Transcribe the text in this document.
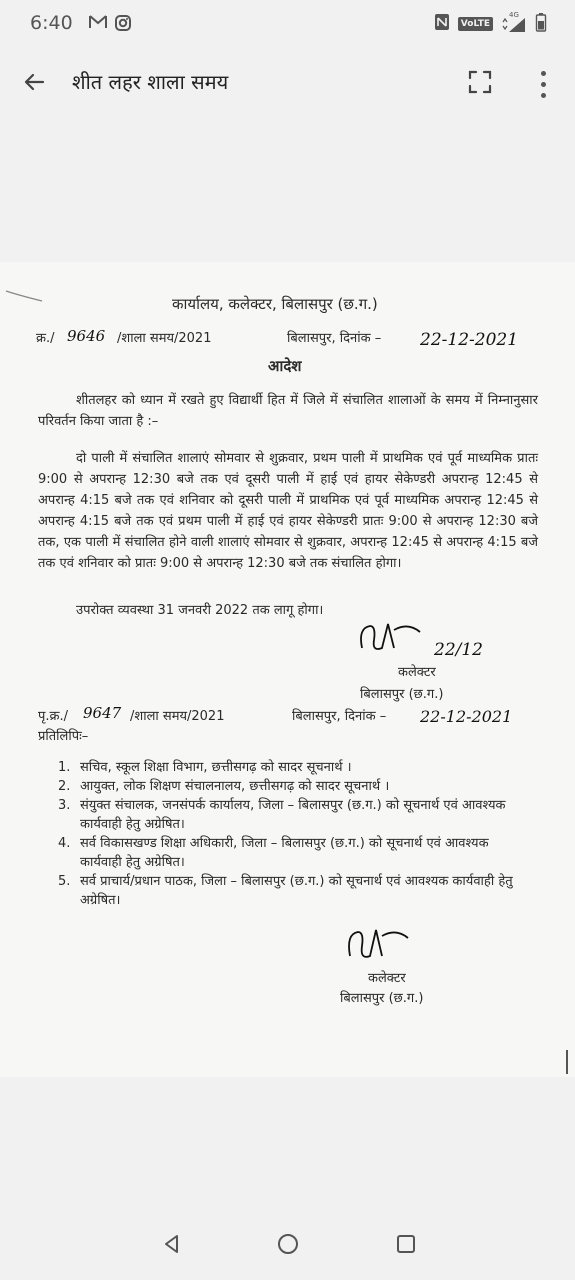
6:40	VoLTE
4G
शीत लहर शाला समय
कार्यालय, कलेक्टर, बिलासपुर (छ.ग.)
क्र./ 9646 /शाला समय/2021	बिलासपुर, दिनांक – 22-12-2021
आदेश

शीतलहर को ध्यान में रखते हुए विद्यार्थी हित में जिले में संचालित शालाओं के समय में निम्नानुसार परिवर्तन किया जाता है :–

दो पाली में संचालित शालाएं सोमवार से शुक्रवार, प्रथम पाली में प्राथमिक एवं पूर्व माध्यमिक प्रातः 9:00 से अपरान्ह 12:30 बजे तक एवं दूसरी पाली में हाई एवं हायर सेकेण्डरी अपरान्ह 12:45 से अपरान्ह 4:15 बजे तक एवं शनिवार को दूसरी पाली में प्राथमिक एवं पूर्व माध्यमिक अपरान्ह 12:45 से अपरान्ह 4:15 बजे तक एवं प्रथम पाली में हाई एवं हायर सेकेण्डरी प्रातः 9:00 से अपरान्ह 12:30 बजे तक, एक पाली में संचालित होने वाली शालाएं सोमवार से शुक्रवार, अपरान्ह 12:45 से अपरान्ह 4:15 बजे तक एवं शनिवार को प्रातः 9:00 से अपरान्ह 12:30 बजे तक संचालित होगा।

उपरोक्त व्यवस्था 31 जनवरी 2022 तक लागू होगा।
22/12
कलेक्टर
बिलासपुर (छ.ग.)
पृ.क्र./ 9647 /शाला समय/2021	बिलासपुर, दिनांक – 22-12-2021
प्रतिलिपिः–
1. सचिव, स्कूल शिक्षा विभाग, छत्तीसगढ़ को सादर सूचनार्थ ।
2. आयुक्त, लोक शिक्षण संचालनालय, छत्तीसगढ़ को सादर सूचनार्थ ।
3. संयुक्त संचालक, जनसंपर्क कार्यालय, जिला – बिलासपुर (छ.ग.) को सूचनार्थ एवं आवश्यक कार्यवाही हेतु अग्रेषित।
4. सर्व विकासखण्ड शिक्षा अधिकारी, जिला – बिलासपुर (छ.ग.) को सूचनार्थ एवं आवश्यक कार्यवाही हेतु अग्रेषित।
5. सर्व प्राचार्य/प्रधान पाठक, जिला – बिलासपुर (छ.ग.) को सूचनार्थ एवं आवश्यक कार्यवाही हेतु अग्रेषित।
कलेक्टर
बिलासपुर (छ.ग.)
